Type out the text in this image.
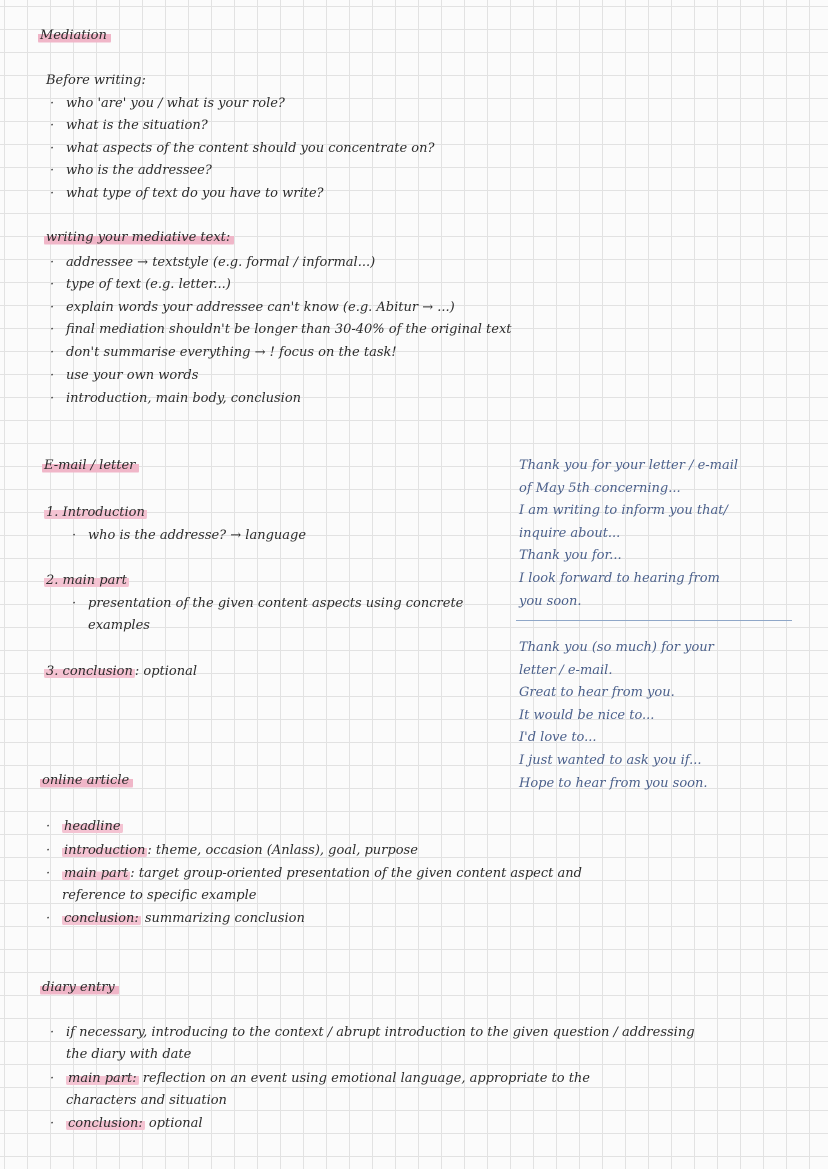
Mediation
Before writing:
· who 'are' you / what is your role?
· what is the situation?
· what aspects of the content should you concentrate on?
· who is the addressee?
· what type of text do you have to write?
writing your mediative text:
· addressee → textstyle (e.g. formal / informal...)
· type of text (e.g. letter...)
· explain words your addressee can't know (e.g. Abitur → ...)
· final mediation shouldn't be longer than 30-40% of the original text
· don't summarise everything → ! focus on the task!
· use your own words
· introduction, main body, conclusion
E-mail / letter
1. Introduction
· who is the addresse? → language
2. main part
· presentation of the given content aspects using concrete
examples
3. conclusion : optional
Thank you for your letter / e-mail
of May 5th concerning...
I am writing to inform you that/
inquire about...
Thank you for...
I look forward to hearing from
you soon.
Thank you (so much) for your
letter / e-mail.
Great to hear from you.
It would be nice to...
I'd love to...
I just wanted to ask you if...
Hope to hear from you soon.
online article
· headline
· introduction : theme, occasion (Anlass), goal, purpose
· main part : target group-oriented presentation of the given content aspect and
reference to specific example
· conclusion: summarizing conclusion
diary entry
· if necessary, introducing to the context / abrupt introduction to the given question / addressing
the diary with date
· main part: reflection on an event using emotional language, appropriate to the
characters and situation
· conclusion: optional
